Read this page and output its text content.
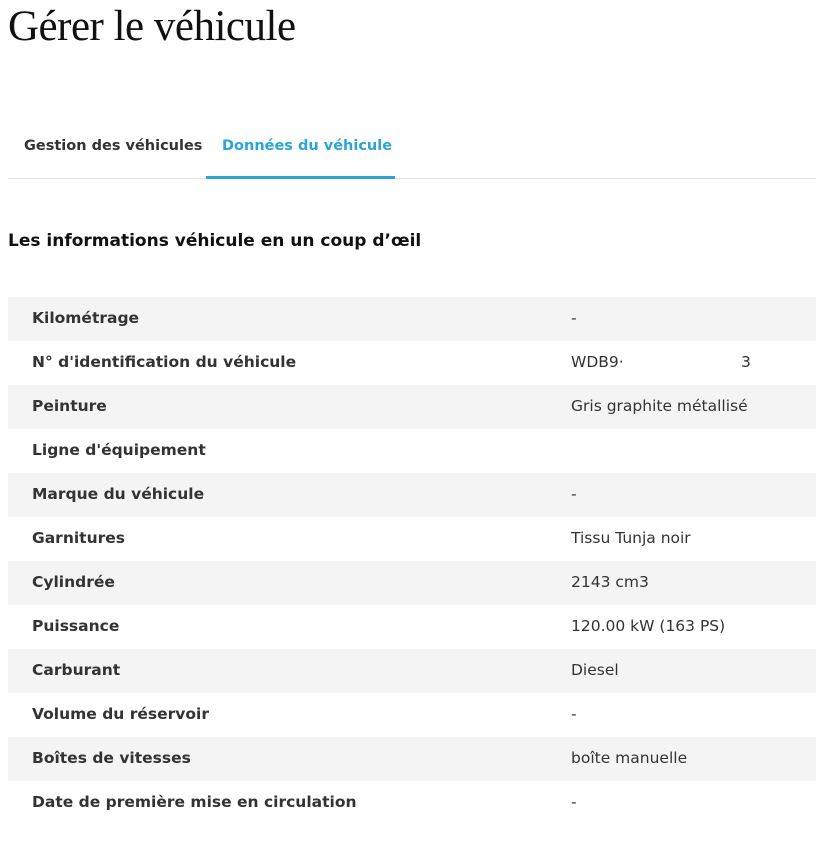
Gérer le véhicule
Gestion des véhicules Données du véhicule
Les informations véhicule en un coup d’œil
Kilométrage	-
N° d'identification du véhicule	WDB9·	3
Peinture	Gris graphite métallisé
Ligne d'équipement
Marque du véhicule	-
Garnitures	Tissu Tunja noir
Cylindrée	2143 cm3
Puissance	120.00 kW (163 PS)
Carburant	Diesel
Volume du réservoir	-
Boîtes de vitesses	boîte manuelle
Date de première mise en circulation	-
